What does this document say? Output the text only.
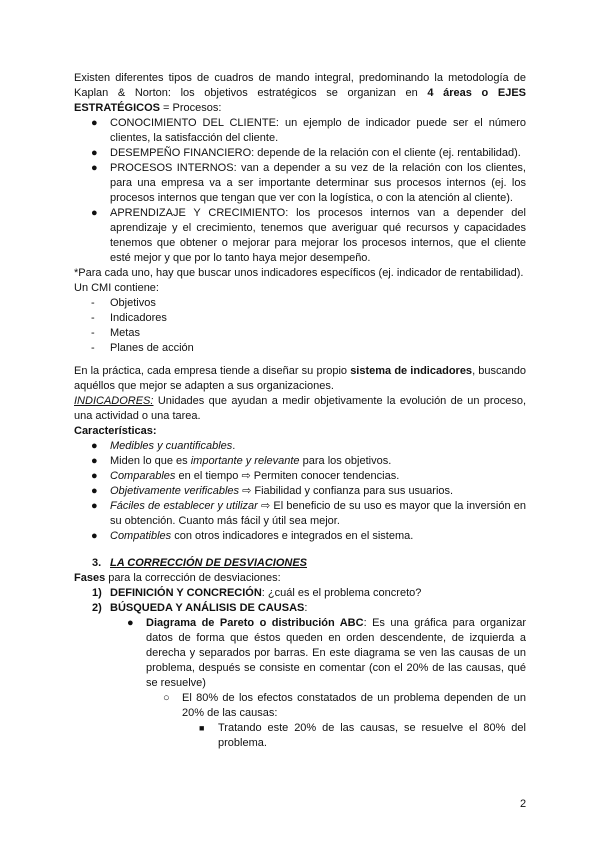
Existen diferentes tipos de cuadros de mando integral, predominando la metodología de
Kaplan & Norton: los objetivos estratégicos se organizan en 4 áreas o EJES
ESTRATÉGICOS = Procesos:
● CONOCIMIENTO DEL CLIENTE: un ejemplo de indicador puede ser el número
clientes, la satisfacción del cliente.
● DESEMPEÑO FINANCIERO: depende de la relación con el cliente (ej. rentabilidad).
● PROCESOS INTERNOS: van a depender a su vez de la relación con los clientes,
para una empresa va a ser importante determinar sus procesos internos (ej. los
procesos internos que tengan que ver con la logística, o con la atención al cliente).
● APRENDIZAJE Y CRECIMIENTO: los procesos internos van a depender del
aprendizaje y el crecimiento, tenemos que averiguar qué recursos y capacidades
tenemos que obtener o mejorar para mejorar los procesos internos, que el cliente
esté mejor y que por lo tanto haya mejor desempeño.
*Para cada uno, hay que buscar unos indicadores específicos (ej. indicador de rentabilidad).
Un CMI contiene:
- Objetivos
- Indicadores
- Metas
- Planes de acción
En la práctica, cada empresa tiende a diseñar su propio sistema de indicadores, buscando
aquéllos que mejor se adapten a sus organizaciones.
INDICADORES: Unidades que ayudan a medir objetivamente la evolución de un proceso,
una actividad o una tarea.
Características:
● Medibles y cuantificables.
● Miden lo que es importante y relevante para los objetivos.
● Comparables en el tiempo ⇨ Permiten conocer tendencias.
● Objetivamente verificables ⇨ Fiabilidad y confianza para sus usuarios.
● Fáciles de establecer y utilizar ⇨ El beneficio de su uso es mayor que la inversión en
su obtención. Cuanto más fácil y útil sea mejor.
● Compatibles con otros indicadores e integrados en el sistema.
3. LA CORRECCIÓN DE DESVIACIONES
Fases para la corrección de desviaciones:
1) DEFINICIÓN Y CONCRECIÓN: ¿cuál es el problema concreto?
2) BÚSQUEDA Y ANÁLISIS DE CAUSAS:
● Diagrama de Pareto o distribución ABC: Es una gráfica para organizar
datos de forma que éstos queden en orden descendente, de izquierda a
derecha y separados por barras. En este diagrama se ven las causas de un
problema, después se consiste en comentar (con el 20% de las causas, qué
se resuelve)
○ El 80% de los efectos constatados de un problema dependen de un
20% de las causas:
■ Tratando este 20% de las causas, se resuelve el 80% del
problema.
2
